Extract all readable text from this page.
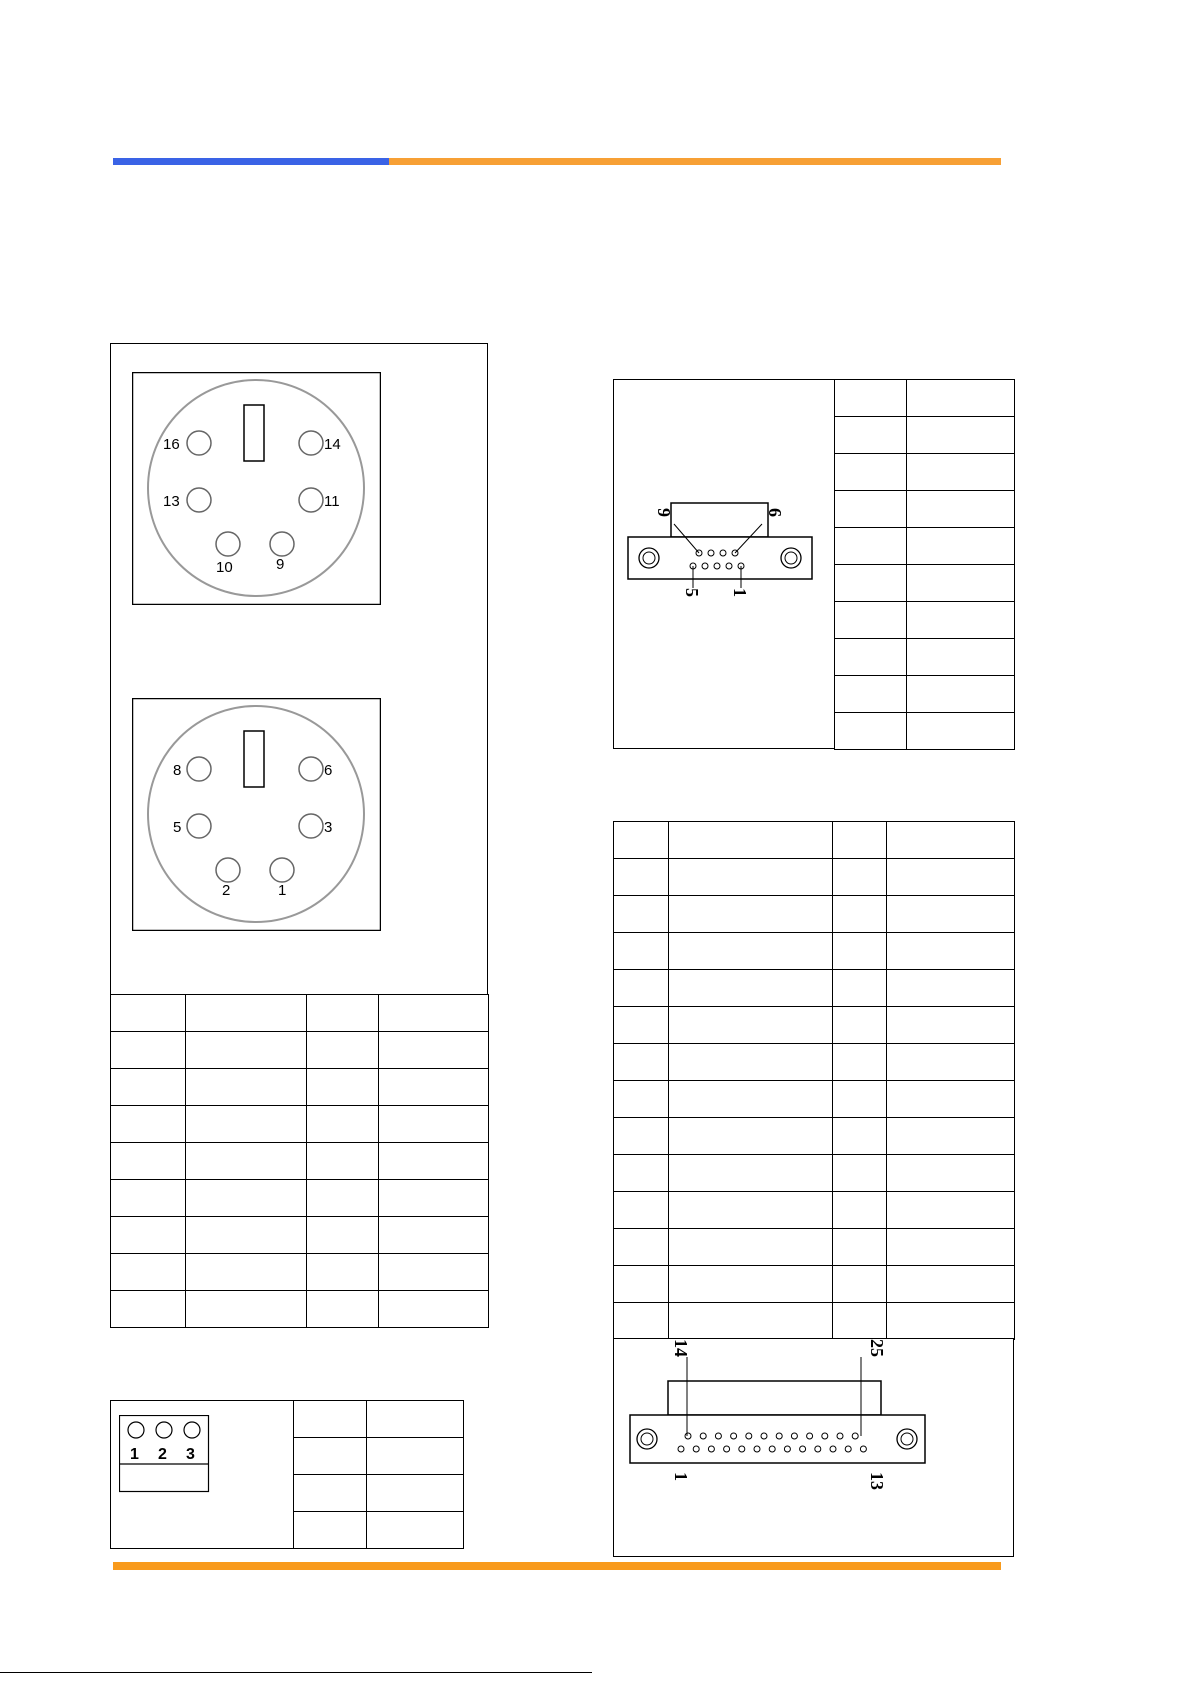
16	14
13	11
10	9
8	6
5	3
2	1

1 2 3

9	6
5 1

14	25
1	13
